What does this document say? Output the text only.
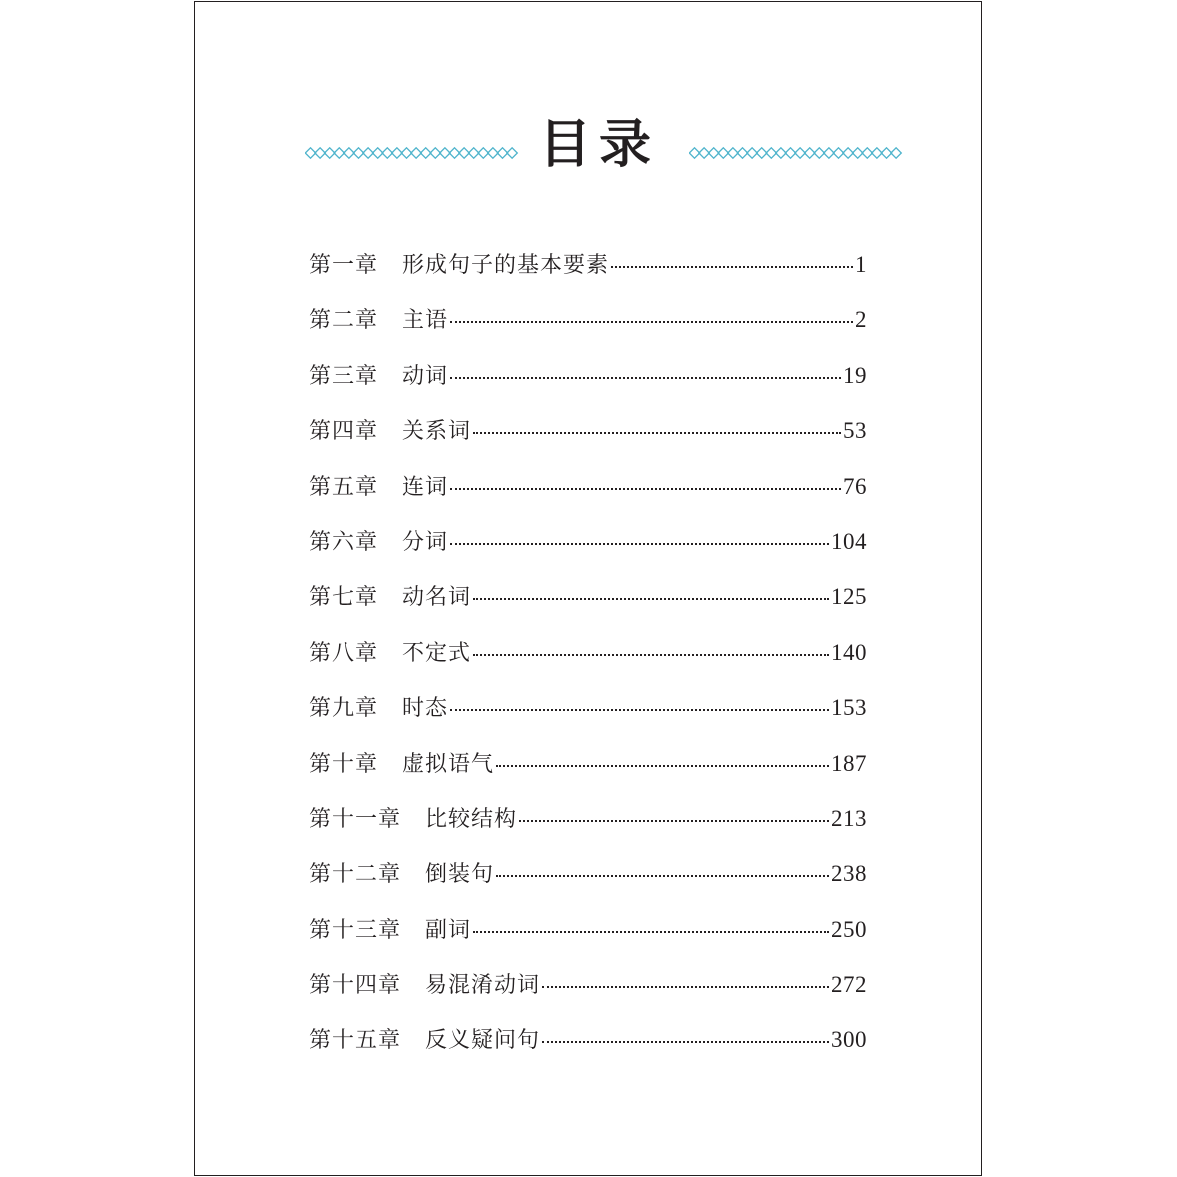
目录
第一章 形成句子的基本要素	1
第二章 主语	2
第三章 动词	19
第四章 关系词	53
第五章 连词	76
第六章 分词	104
第七章 动名词	125
第八章 不定式	140
第九章 时态	153
第十章 虚拟语气	187
第十一章 比较结构	213
第十二章 倒装句	238
第十三章 副词	250
第十四章 易混淆动词	272
第十五章 反义疑问句	300
